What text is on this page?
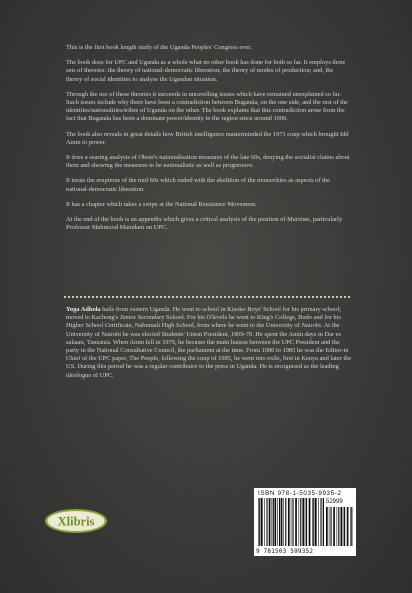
This is the first book length study of the Uganda Peoples' Congress ever.

The book does for UPC and Uganda as a whole what no other book has done for both so far. It employs three sets of theories: the theory of national-democratic liberation; the theory of modes of production; and, the theory of social identities to analyse the Ugandan situation.

Through the use of these theories it succeeds in unravelling issues which have remained unexplained so far. Such issues include why there have been a contradiction between Buganda, on the one side, and the rest of the identities/nationalities/tribes of Uganda on the other. The book explains that this contradiction arose from the fact that Buganda has been a dominant power/identity in the region since around 1600.

The book also reveals in great details how British intelligence masterminded the 1971 coup which brought Idd Amin to power.

It does a searing analysis of Obote's nationalisation measures of the late 60s, denying the socialist claims about them and showing the measures to be nationalistic as well as progressive.

It treats the eruptions of the mid 60s which ended with the abolition of the monarchies as aspects of the national-democratic liberation.

It has a chapter which takes a swipe at the National Resistance Movement.

At the end of the book is an appendix which gives a critical analysis of the position of Marxists, particularly Professor Mahmood Mamdani on UPC.

Yoga Adhola hails from eastern Uganda. He went to school in Kisoko Boys' School for his primary school; moved to Kachong's Junior Secondary School. For his O'levels he went to King's College, Budo and for his Higher School Certificate, Nabumali High School, from where he went to the University of Nairobi. At the University of Nairobi he was elected Students' Union President, 1969-70. He spent the Amin days in Dar es salaam, Tanzania. When Amin fell in 1979, he became the main liaison between the UPC President and the party in the National Consultative Council, the parliament at the time. From 1980 to 1985 he was the Editor-in Chief of the UPC paper, The People, following the coup of 1985, he went into exile, first in Kenya and later the US. During this period he was a regular contributor to the press in Uganda. He is recognised as the leading ideologue of UPC.

Xlibris
ISBN 978-1-5035-9935-2
52999
9 781503 599352
